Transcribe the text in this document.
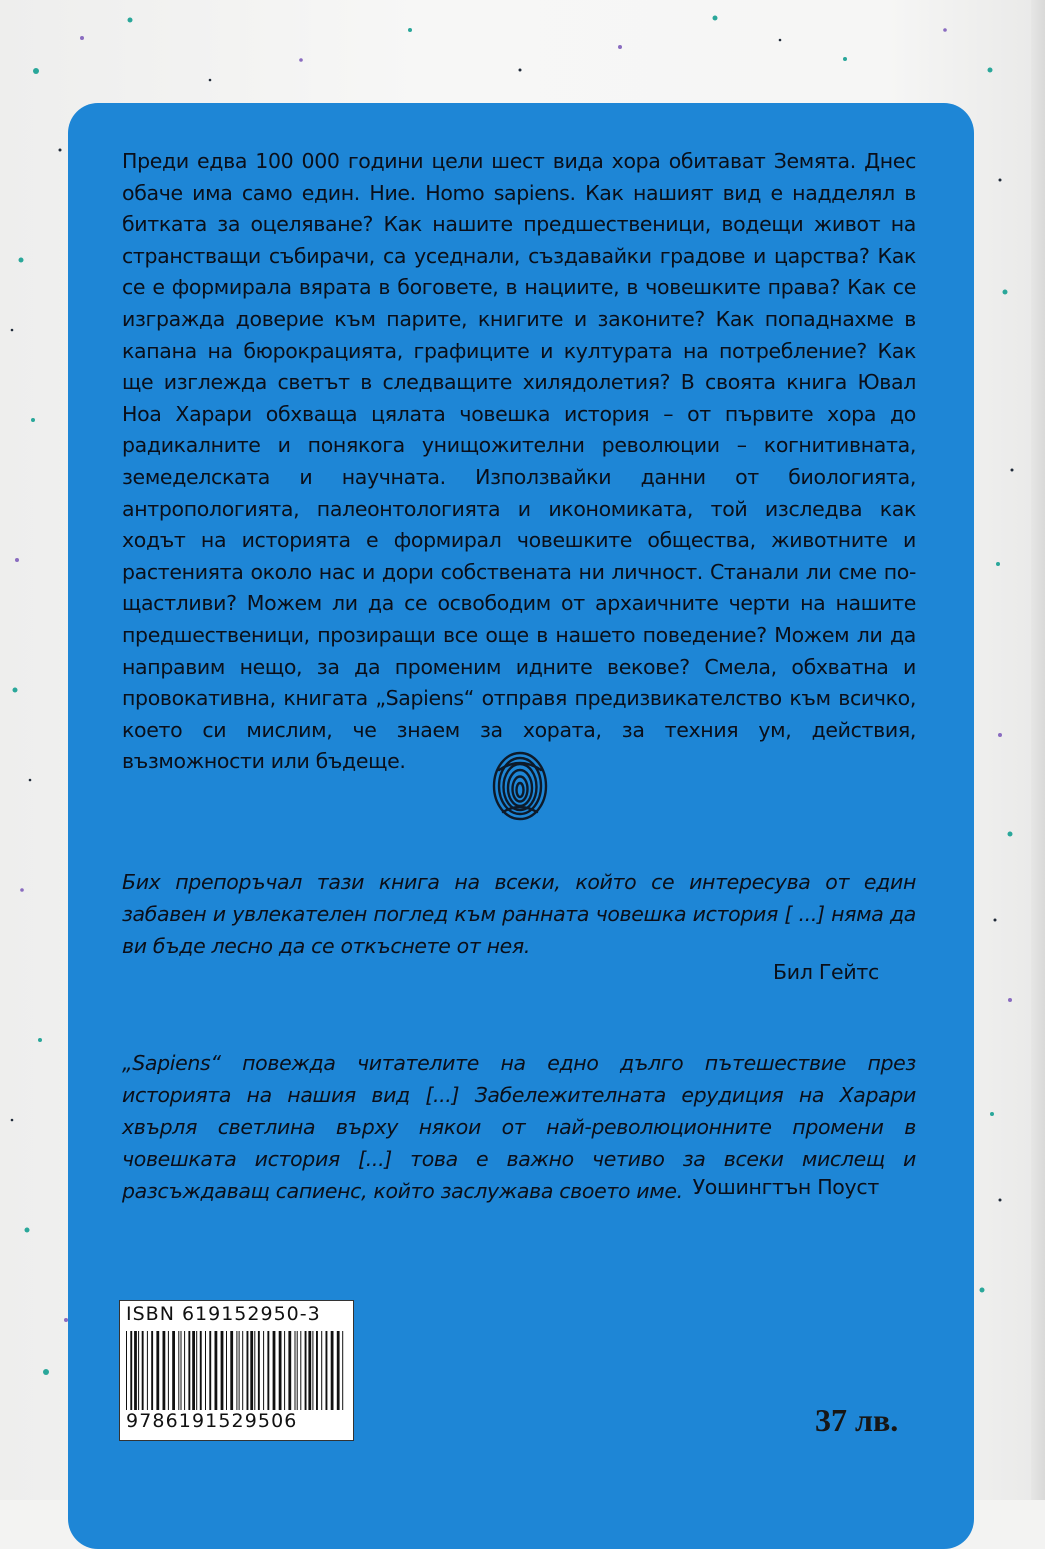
Преди едва 100 000 години цели шест вида хора обитават Земята. Днес обаче има само един. Ние. Homo sapiens. Как нашият вид е надделял в битката за оцеляване? Как нашите предшественици, водещи живот на странстващи събирачи, са уседнали, създавайки градове и царства? Как се е формирала вярата в боговете, в нациите, в човешките права? Как се изгражда доверие към парите, книгите и законите? Как попаднахме в капана на бюрокрацията, графиците и културата на потребление? Как ще изглежда светът в следващите хилядолетия? В своята книга Ювал Ноа Харари обхваща цялата човешка история – от първите хора до радикалните и понякога унищожителни революции – когнитивната, земеделската и научната. Използвайки данни от биологията, антропологията, палеонтологията и икономиката, той изследва как ходът на историята е формирал човешките общества, животните и растенията около нас и дори собствената ни личност. Станали ли сме по-щастливи? Можем ли да се освободим от архаичните черти на нашите предшественици, прозиращи все още в нашето поведение? Можем ли да направим нещо, за да променим идните векове? Смела, обхватна и провокативна, книгата „Sapiens“ отправя предизвикателство към всичко, което си мислим, че знаем за хората, за техния ум, действия, възможности или бъдеще.
Бих препоръчал тази книга на всеки, който се интересува от един забавен и увлекателен поглед към ранната човешка история [ ...] няма да ви бъде лесно да се откъснете от нея.
Бил Гейтс
„Sapiens“ повежда читателите на едно дълго пътешествие през историята на нашия вид [...] Забележителната ерудиция на Харари хвърля светлина върху някои от най-революционните промени в човешката история [...] това е важно четиво за всеки мислещ и разсъждаващ сапиенс, който заслужава своето име. Уошингтън Поуст
ISBN 619152950-3
9786191529506	37 лв.
